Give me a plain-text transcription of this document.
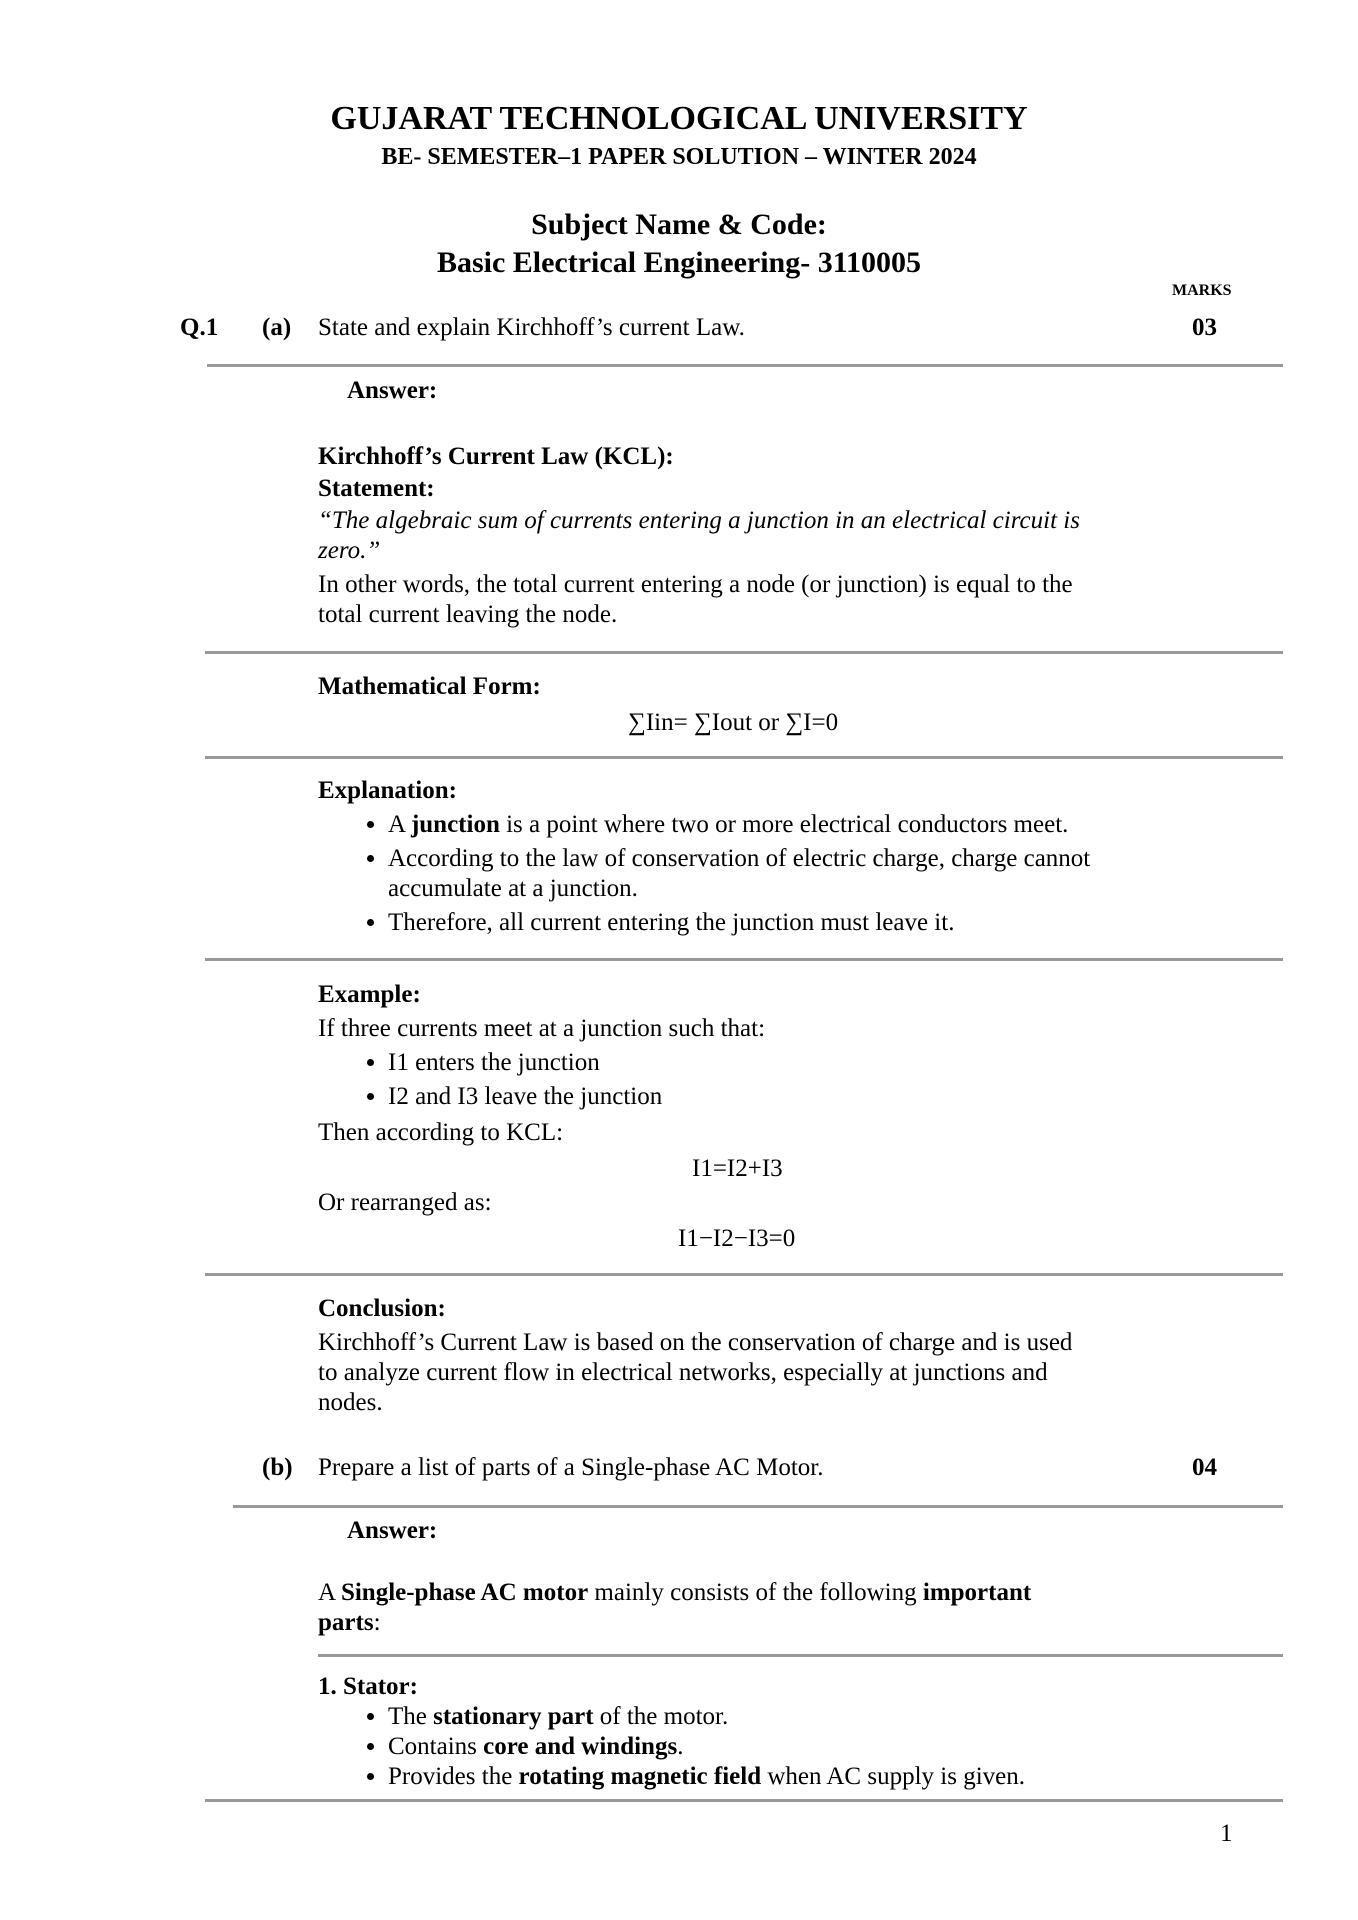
GUJARAT TECHNOLOGICAL UNIVERSITY
BE- SEMESTER–1 PAPER SOLUTION – WINTER 2024
Subject Name & Code:
Basic Electrical Engineering- 3110005
MARKS
Q.1 (a) State and explain Kirchhoff’s current Law.	03
Answer:
Kirchhoff’s Current Law (KCL):
Statement:
“The algebraic sum of currents entering a junction in an electrical circuit is
zero.”
In other words, the total current entering a node (or junction) is equal to the
total current leaving the node.
Mathematical Form:
∑Iin= ∑Iout or ∑I=0
Explanation:
• A junction is a point where two or more electrical conductors meet.
• According to the law of conservation of electric charge, charge cannot
accumulate at a junction.
• Therefore, all current entering the junction must leave it.
Example:
If three currents meet at a junction such that:
• I1 enters the junction
• I2 and I3 leave the junction
Then according to KCL:
I1=I2+I3
Or rearranged as:
I1−I2−I3=0
Conclusion:
Kirchhoff’s Current Law is based on the conservation of charge and is used
to analyze current flow in electrical networks, especially at junctions and
nodes.
(b) Prepare a list of parts of a Single-phase AC Motor.	04
Answer:
A Single-phase AC motor mainly consists of the following important
parts:
1. Stator:
• The stationary part of the motor.
• Contains core and windings.
• Provides the rotating magnetic field when AC supply is given.
1
